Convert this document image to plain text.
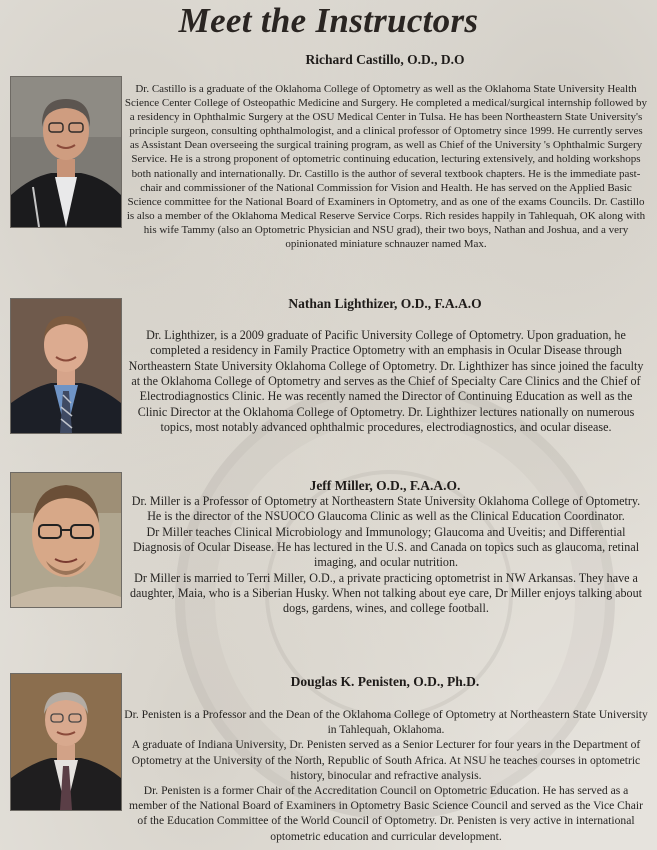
Meet the Instructors
Richard Castillo, O.D., D.O

Dr. Castillo is a graduate of the Oklahoma College of Optometry as well as the Oklahoma State University Health Science Center College of Osteopathic Medicine and Surgery. He completed a medical/surgical internship followed by a residency in Ophthalmic Surgery at the OSU Medical Center in Tulsa. He has been Northeastern State University's principle surgeon, consulting ophthalmologist, and a clinical professor of Optometry since 1999. He currently serves as Assistant Dean overseeing the surgical training program, as well as Chief of the University 's Ophthalmic Surgery Service. He is a strong proponent of optometric continuing education, lecturing extensively, and holding workshops both nationally and internationally. Dr. Castillo is the author of several textbook chapters. He is the immediate past-chair and commissioner of the National Commission for Vision and Health. He has served on the Applied Basic Science committee for the National Board of Examiners in Optometry, and as one of the exams Councils. Dr. Castillo is also a member of the Oklahoma Medical Reserve Service Corps. Rich resides happily in Tahlequah, OK along with his wife Tammy (also an Optometric Physician and NSU grad), their two boys, Nathan and Joshua, and a very opinionated miniature schnauzer named Max.

Nathan Lighthizer, O.D., F.A.A.O

Dr. Lighthizer, is a 2009 graduate of Pacific University College of Optometry. Upon graduation, he completed a residency in Family Practice Optometry with an emphasis in Ocular Disease through Northeastern State University Oklahoma College of Optometry. Dr. Lighthizer has since joined the faculty at the Oklahoma College of Optometry and serves as the Chief of Specialty Care Clinics and the Chief of Electrodiagnostics Clinic. He was recently named the Director of Continuing Education as well as the Clinic Director at the Oklahoma College of Optometry. Dr. Lighthizer lectures nationally on numerous topics, most notably advanced ophthalmic procedures, electrodiagnostics, and ocular disease.

Jeff Miller, O.D., F.A.A.O.

Dr. Miller is a Professor of Optometry at Northeastern State University Oklahoma College of Optometry. He is the director of the NSUOCO Glaucoma Clinic as well as the Clinical Education Coordinator.

Dr Miller teaches Clinical Microbiology and Immunology; Glaucoma and Uveitis; and Differential Diagnosis of Ocular Disease. He has lectured in the U.S. and Canada on topics such as glaucoma, retinal imaging, and ocular nutrition.

Dr Miller is married to Terri Miller, O.D., a private practicing optometrist in NW Arkansas. They have a daughter, Maia, who is a Siberian Husky. When not talking about eye care, Dr Miller enjoys talking about dogs, gardens, wines, and college football.

Douglas K. Penisten, O.D., Ph.D.

Dr. Penisten is a Professor and the Dean of the Oklahoma College of Optometry at Northeastern State University in Tahlequah, Oklahoma.

A graduate of Indiana University, Dr. Penisten served as a Senior Lecturer for four years in the Department of Optometry at the University of the North, Republic of South Africa. At NSU he teaches courses in optometric history, binocular and refractive analysis.

Dr. Penisten is a former Chair of the Accreditation Council on Optometric Education. He has served as a member of the National Board of Examiners in Optometry Basic Science Council and served as the Vice Chair of the Education Committee of the World Council of Optometry. Dr. Penisten is very active in international optometric education and curricular development.
